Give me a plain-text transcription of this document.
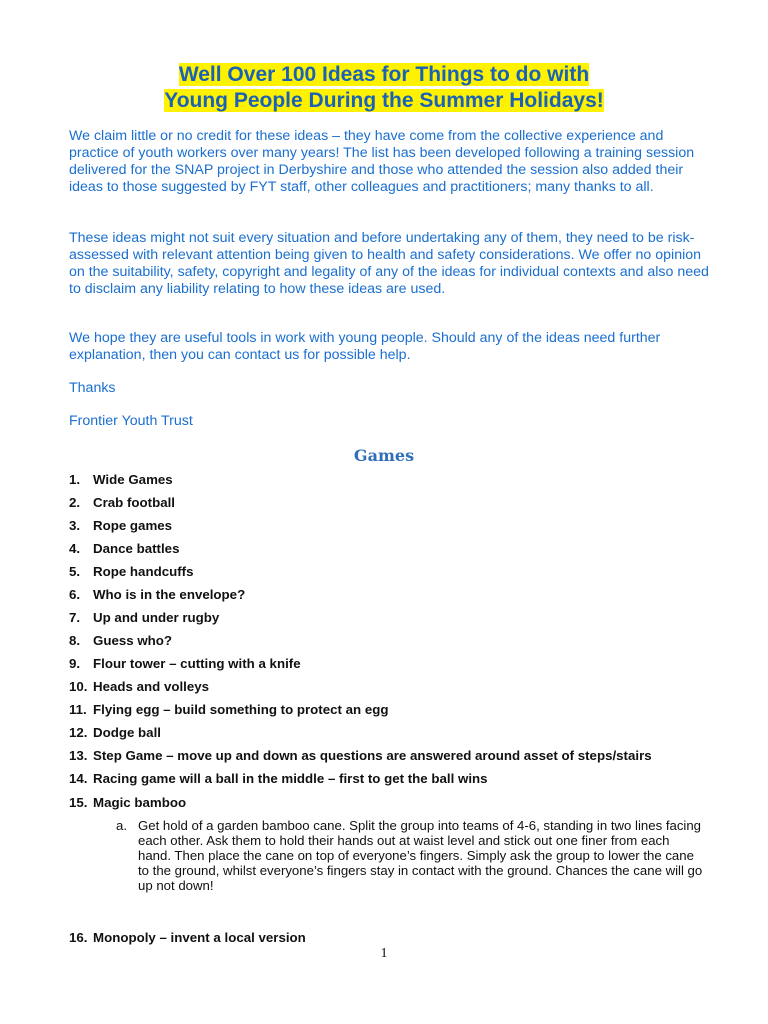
Well Over 100 Ideas for Things to do with
Young People During the Summer Holidays!

We claim little or no credit for these ideas – they have come from the collective experience and practice of youth workers over many years! The list has been developed following a training session delivered for the SNAP project in Derbyshire and those who attended the session also added their ideas to those suggested by FYT staff, other colleagues and practitioners; many thanks to all.

These ideas might not suit every situation and before undertaking any of them, they need to be risk-assessed with relevant attention being given to health and safety considerations. We offer no opinion on the suitability, safety, copyright and legality of any of the ideas for individual contexts and also need to disclaim any liability relating to how these ideas are used.

We hope they are useful tools in work with young people. Should any of the ideas need further explanation, then you can contact us for possible help.

Thanks

Frontier Youth Trust

Games
1. Wide Games
2. Crab football
3. Rope games
4. Dance battles
5. Rope handcuffs
6. Who is in the envelope?
7. Up and under rugby
8. Guess who?
9. Flour tower – cutting with a knife
10. Heads and volleys
11. Flying egg – build something to protect an egg
12. Dodge ball
13. Step Game – move up and down as questions are answered around asset of steps/stairs
14. Racing game will a ball in the middle – first to get the ball wins
15. Magic bamboo
a. Get hold of a garden bamboo cane. Split the group into teams of 4-6, standing in two lines facing each other. Ask them to hold their hands out at waist level and stick out one finer from each hand. Then place the cane on top of everyone’s fingers. Simply ask the group to lower the cane to the ground, whilst everyone’s fingers stay in contact with the ground. Chances the cane will go up not down!
16. Monopoly – invent a local version
1
